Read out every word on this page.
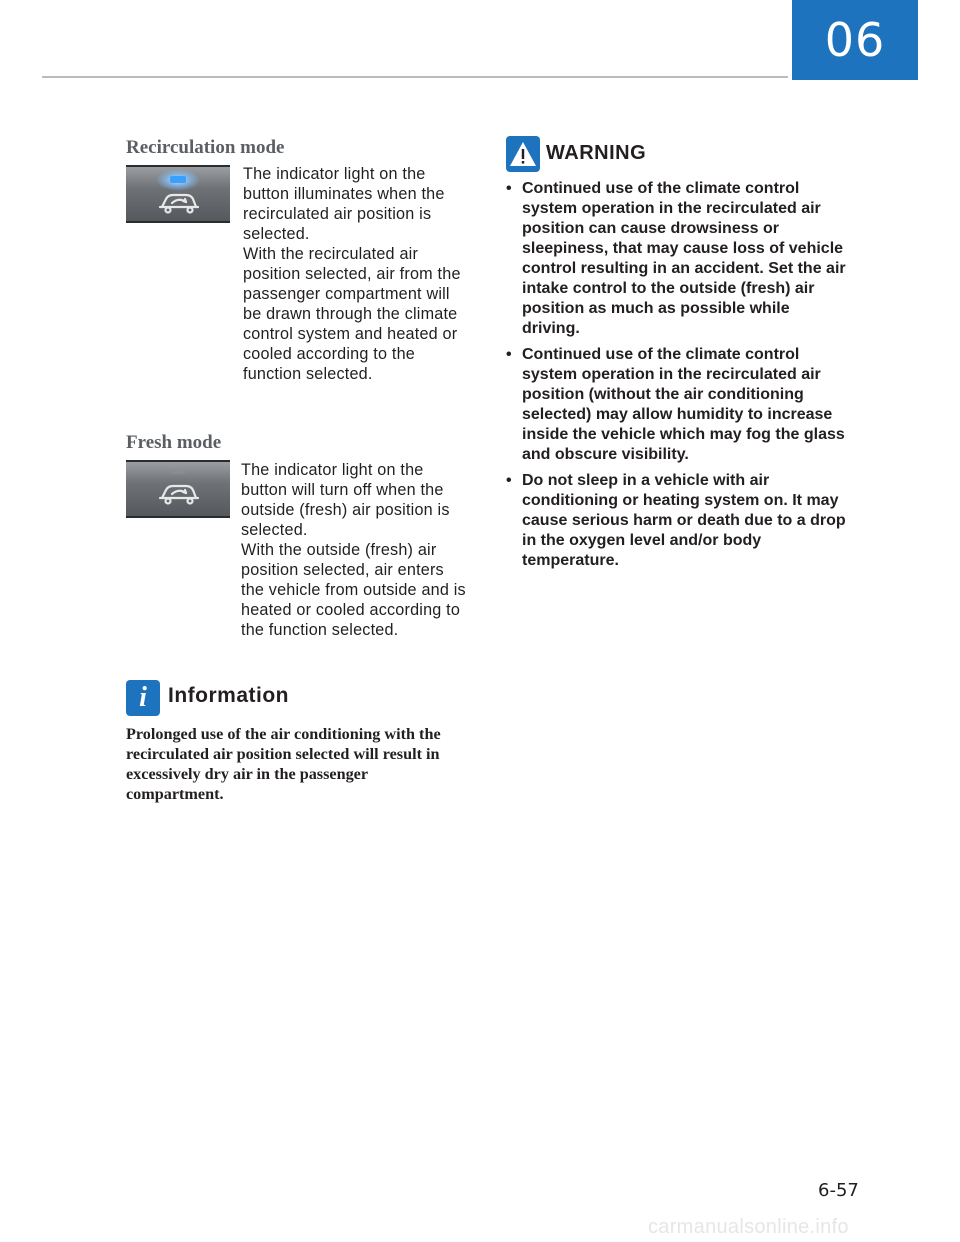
06
Recirculation mode

The indicator light on the button illuminates when the recirculated air position is selected.

With the recirculated air position selected, air from the passenger compartment will be drawn through the climate control system and heated or cooled according to the function selected.

Fresh mode

The indicator light on the button will turn off when the outside (fresh) air position is selected.

With the outside (fresh) air position selected, air enters the vehicle from outside and is heated or cooled according to the function selected.

i	Information
Prolonged use of the air conditioning with the recirculated air position selected will result in excessively dry air in the passenger compartment.
WARNING
• Continued use of the climate control system operation in the recirculated air position can cause drowsiness or sleepiness, that may cause loss of vehicle control resulting in an accident. Set the air intake control to the outside (fresh) air position as much as possible while driving.
• Continued use of the climate control system operation in the recirculated air position (without the air conditioning selected) may allow humidity to increase inside the vehicle which may fog the glass and obscure visibility.
• Do not sleep in a vehicle with air conditioning or heating system on. It may cause serious harm or death due to a drop in the oxygen level and/or body temperature.
6-57
carmanualsonline.info
